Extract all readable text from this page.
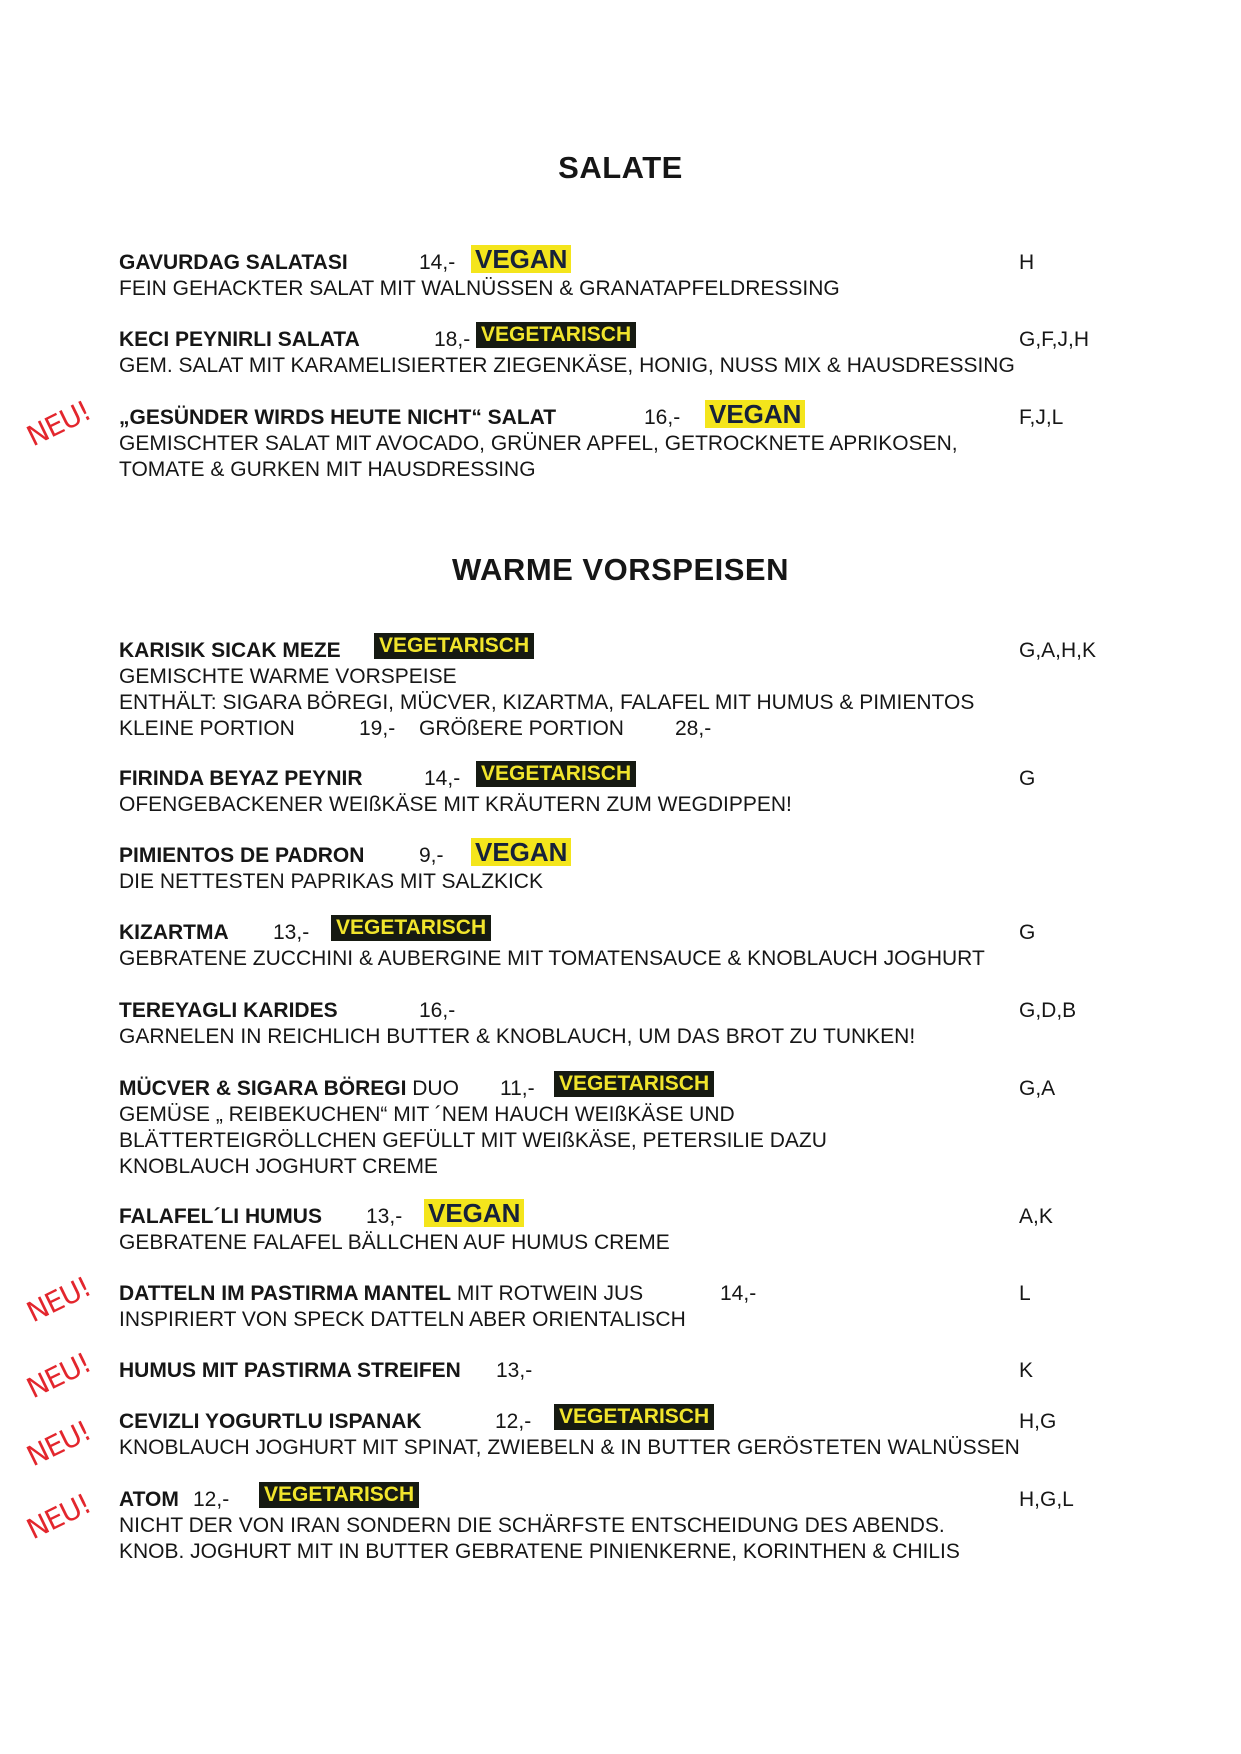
SALATE
WARME VORSPEISEN
GAVURDAG SALATASI	14,- VEGAN	H
FEIN GEHACKTER SALAT MIT WALNÜSSEN & GRANATAPFELDRESSING
KECI PEYNIRLI SALATA	18,- VEGETARISCH	G,F,J,H
GEM. SALAT MIT KARAMELISIERTER ZIEGENKÄSE, HONIG, NUSS MIX & HAUSDRESSING
NEU! „GESÜNDER WIRDS HEUTE NICHT“ SALAT	16,- VEGAN	F,J,L
GEMISCHTER SALAT MIT AVOCADO, GRÜNER APFEL, GETROCKNETE APRIKOSEN,
TOMATE & GURKEN MIT HAUSDRESSING
KARISIK SICAK MEZE VEGETARISCH	G,A,H,K
GEMISCHTE WARME VORSPEISE
ENTHÄLT: SIGARA BÖREGI, MÜCVER, KIZARTMA, FALAFEL MIT HUMUS & PIMIENTOS
KLEINE PORTION	19,- GRÖßERE PORTION 28,-
FIRINDA BEYAZ PEYNIR	14,- VEGETARISCH	G
OFENGEBACKENER WEIßKÄSE MIT KRÄUTERN ZUM WEGDIPPEN!
PIMIENTOS DE PADRON	9,- VEGAN
DIE NETTESTEN PAPRIKAS MIT SALZKICK
KIZARTMA 13,- VEGETARISCH	G
GEBRATENE ZUCCHINI & AUBERGINE MIT TOMATENSAUCE & KNOBLAUCH JOGHURT
TEREYAGLI KARIDES	16,-	G,D,B
GARNELEN IN REICHLICH BUTTER & KNOBLAUCH, UM DAS BROT ZU TUNKEN!
MÜCVER & SIGARA BÖREGI DUO 11,- VEGETARISCH	G,A
GEMÜSE „ REIBEKUCHEN“ MIT ´NEM HAUCH WEIßKÄSE UND
BLÄTTERTEIGRÖLLCHEN GEFÜLLT MIT WEIßKÄSE, PETERSILIE DAZU
KNOBLAUCH JOGHURT CREME
FALAFEL´LI HUMUS 13,- VEGAN	A,K
GEBRATENE FALAFEL BÄLLCHEN AUF HUMUS CREME
NEU! DATTELN IM PASTIRMA MANTEL MIT ROTWEIN JUS	14,-	L
INSPIRIERT VON SPECK DATTELN ABER ORIENTALISCH
NEU! HUMUS MIT PASTIRMA STREIFEN 13,-	K
NEU! CEVIZLI YOGURTLU ISPANAK	12,- VEGETARISCH	H,G
KNOBLAUCH JOGHURT MIT SPINAT, ZWIEBELN & IN BUTTER GERÖSTETEN WALNÜSSEN
NEU! ATOM 12,- VEGETARISCH	H,G,L
NICHT DER VON IRAN SONDERN DIE SCHÄRFSTE ENTSCHEIDUNG DES ABENDS.
KNOB. JOGHURT MIT IN BUTTER GEBRATENE PINIENKERNE, KORINTHEN & CHILIS
